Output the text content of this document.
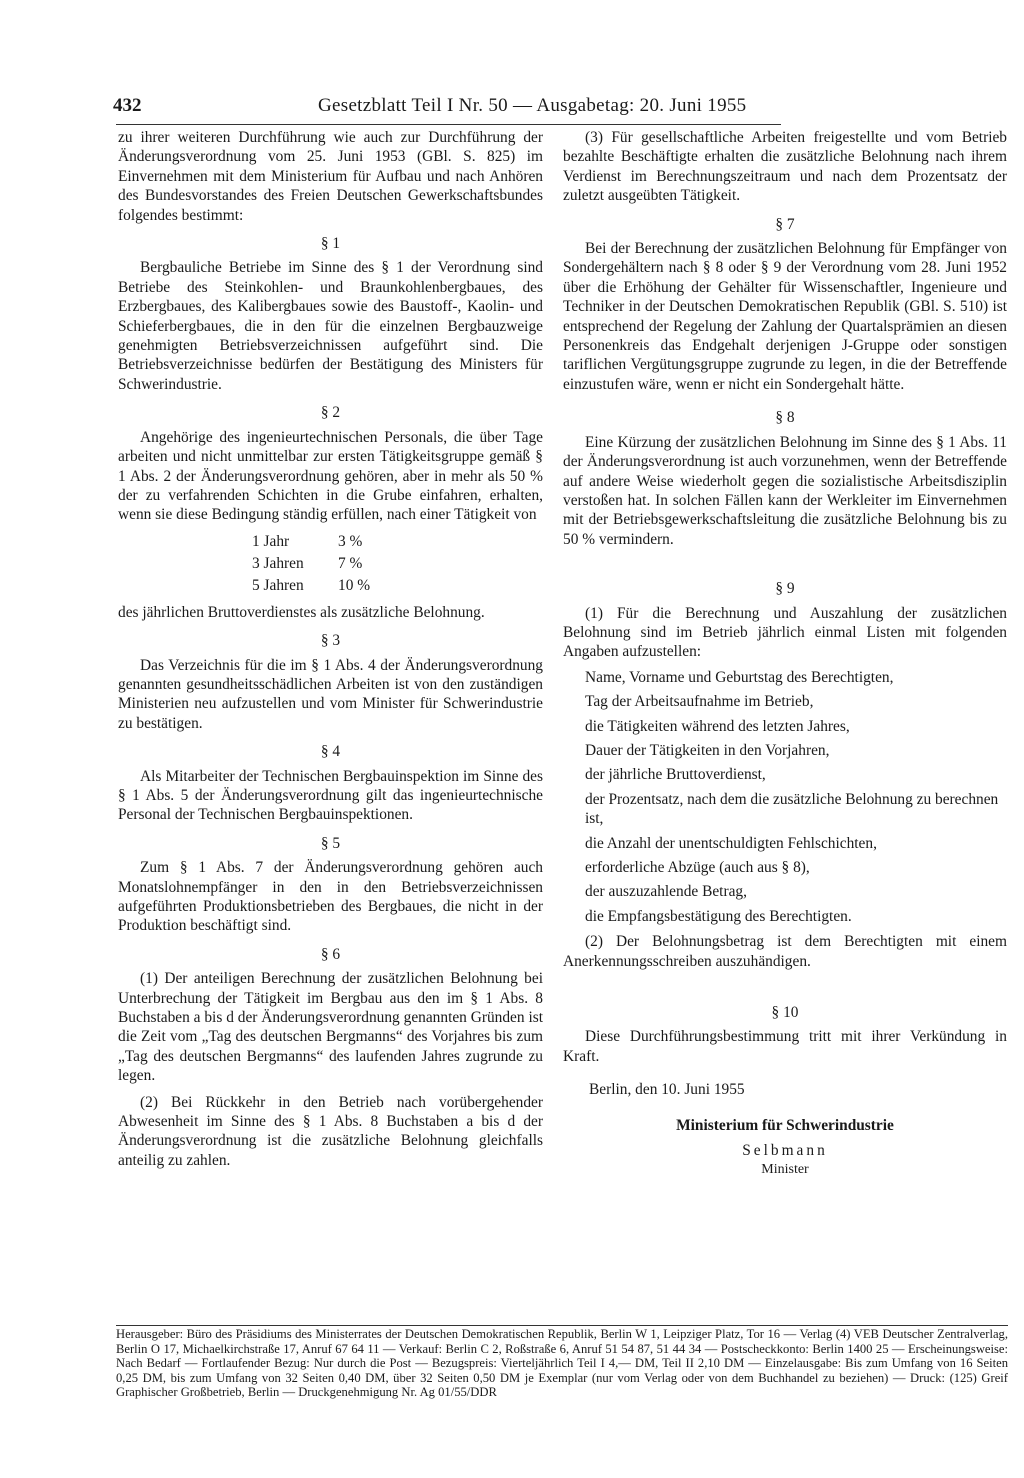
432	Gesetzblatt Teil I Nr. 50 — Ausgabetag: 20. Juni 1955

zu ihrer weiteren Durchführung wie auch zur Durchführung der Änderungsverordnung vom 25. Juni 1953 (GBl. S. 825) im Einvernehmen mit dem Ministerium für Aufbau und nach Anhören des Bundesvorstandes des Freien Deutschen Gewerkschaftsbundes folgendes bestimmt:

§ 1

Bergbauliche Betriebe im Sinne des § 1 der Verordnung sind Betriebe des Steinkohlen- und Braunkohlenbergbaues, des Erzbergbaues, des Kalibergbaues sowie des Baustoff-, Kaolin- und Schieferbergbaues, die in den für die einzelnen Bergbauzweige genehmigten Betriebsverzeichnissen aufgeführt sind. Die Betriebsverzeichnisse bedürfen der Bestätigung des Ministers für Schwerindustrie.

§ 2

Angehörige des ingenieurtechnischen Personals, die über Tage arbeiten und nicht unmittelbar zur ersten Tätigkeitsgruppe gemäß § 1 Abs. 2 der Änderungsverordnung gehören, aber in mehr als 50 % der zu verfahrenden Schichten in die Grube einfahren, erhalten, wenn sie diese Bedingung ständig erfüllen, nach einer Tätigkeit von

1 Jahr	3 %
3 Jahren	7 %
5 Jahren	10 %

des jährlichen Bruttoverdienstes als zusätzliche Belohnung.

§ 3

Das Verzeichnis für die im § 1 Abs. 4 der Änderungsverordnung genannten gesundheitsschädlichen Arbeiten ist von den zuständigen Ministerien neu aufzustellen und vom Minister für Schwerindustrie zu bestätigen.

§ 4

Als Mitarbeiter der Technischen Bergbauinspektion im Sinne des § 1 Abs. 5 der Änderungsverordnung gilt das ingenieurtechnische Personal der Technischen Bergbauinspektionen.

§ 5

Zum § 1 Abs. 7 der Änderungsverordnung gehören auch Monatslohnempfänger in den in den Betriebsverzeichnissen aufgeführten Produktionsbetrieben des Bergbaues, die nicht in der Produktion beschäftigt sind.

§ 6

(1) Der anteiligen Berechnung der zusätzlichen Belohnung bei Unterbrechung der Tätigkeit im Bergbau aus den im § 1 Abs. 8 Buchstaben a bis d der Änderungsverordnung genannten Gründen ist die Zeit vom „Tag des deutschen Bergmanns“ des Vorjahres bis zum „Tag des deutschen Bergmanns“ des laufenden Jahres zugrunde zu legen.

(2) Bei Rückkehr in den Betrieb nach vorübergehender Abwesenheit im Sinne des § 1 Abs. 8 Buchstaben a bis d der Änderungsverordnung ist die zusätzliche Belohnung gleichfalls anteilig zu zahlen.

(3) Für gesellschaftliche Arbeiten freigestellte und vom Betrieb bezahlte Beschäftigte erhalten die zusätzliche Belohnung nach ihrem Verdienst im Berechnungszeitraum und nach dem Prozentsatz der zuletzt ausgeübten Tätigkeit.

§ 7

Bei der Berechnung der zusätzlichen Belohnung für Empfänger von Sondergehältern nach § 8 oder § 9 der Verordnung vom 28. Juni 1952 über die Erhöhung der Gehälter für Wissenschaftler, Ingenieure und Techniker in der Deutschen Demokratischen Republik (GBl. S. 510) ist entsprechend der Regelung der Zahlung der Quartalsprämien an diesen Personenkreis das Endgehalt derjenigen J-Gruppe oder sonstigen tariflichen Vergütungsgruppe zugrunde zu legen, in die der Betreffende einzustufen wäre, wenn er nicht ein Sondergehalt hätte.

§ 8

Eine Kürzung der zusätzlichen Belohnung im Sinne des § 1 Abs. 11 der Änderungsverordnung ist auch vorzunehmen, wenn der Betreffende auf andere Weise wiederholt gegen die sozialistische Arbeitsdisziplin verstoßen hat. In solchen Fällen kann der Werkleiter im Einvernehmen mit der Betriebsgewerkschaftsleitung die zusätzliche Belohnung bis zu 50 % vermindern.

§ 9

(1) Für die Berechnung und Auszahlung der zusätzlichen Belohnung sind im Betrieb jährlich einmal Listen mit folgenden Angaben aufzustellen:

Name, Vorname und Geburtstag des Berechtigten,
Tag der Arbeitsaufnahme im Betrieb,
die Tätigkeiten während des letzten Jahres,
Dauer der Tätigkeiten in den Vorjahren,
der jährliche Bruttoverdienst,
der Prozentsatz, nach dem die zusätzliche Belohnung zu berechnen ist,
die Anzahl der unentschuldigten Fehlschichten,
erforderliche Abzüge (auch aus § 8),
der auszuzahlende Betrag,
die Empfangsbestätigung des Berechtigten.

(2) Der Belohnungsbetrag ist dem Berechtigten mit einem Anerkennungsschreiben auszuhändigen.

§ 10

Diese Durchführungsbestimmung tritt mit ihrer Verkündung in Kraft.

Berlin, den 10. Juni 1955
Ministerium für Schwerindustrie
Selbmann
Minister
Herausgeber: Büro des Präsidiums des Ministerrates der Deutschen Demokratischen Republik, Berlin W 1, Leipziger Platz, Tor 16 — Verlag (4) VEB Deutscher Zentralverlag, Berlin O 17, Michaelkirchstraße 17, Anruf 67 64 11 — Verkauf: Berlin C 2, Roßstraße 6, Anruf 51 54 87, 51 44 34 — Postscheckkonto: Berlin 1400 25 — Erscheinungsweise: Nach Bedarf — Fortlaufender Bezug: Nur durch die Post — Bezugspreis: Vierteljährlich Teil I 4,— DM, Teil II 2,10 DM — Einzelausgabe: Bis zum Umfang von 16 Seiten 0,25 DM, bis zum Umfang von 32 Seiten 0,40 DM, über 32 Seiten 0,50 DM je Exemplar (nur vom Verlag oder von dem Buchhandel zu beziehen) — Druck: (125) Greif Graphischer Großbetrieb, Berlin — Druckgenehmigung Nr. Ag 01/55/DDR
